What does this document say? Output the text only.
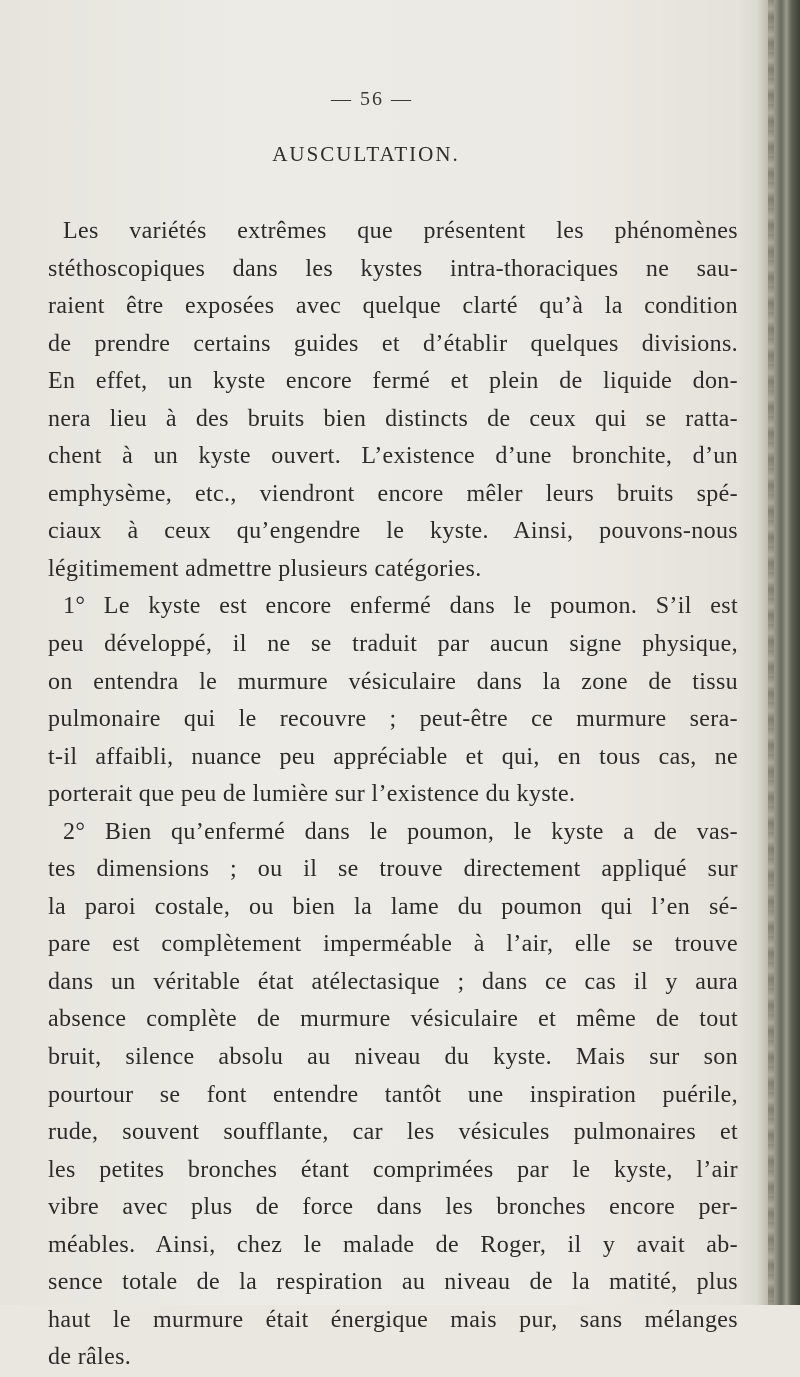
— 56 —
AUSCULTATION.
Les variétés extrêmes que présentent les phénomènes
stéthoscopiques dans les kystes intra-thoraciques ne sau-
raient être exposées avec quelque clarté qu’à la condition
de prendre certains guides et d’établir quelques divisions.
En effet, un kyste encore fermé et plein de liquide don-
nera lieu à des bruits bien distincts de ceux qui se ratta-
chent à un kyste ouvert. L’existence d’une bronchite, d’un
emphysème, etc., viendront encore mêler leurs bruits spé-
ciaux à ceux qu’engendre le kyste. Ainsi, pouvons-nous
légitimement admettre plusieurs catégories.
1° Le kyste est encore enfermé dans le poumon. S’il est
peu développé, il ne se traduit par aucun signe physique,
on entendra le murmure vésiculaire dans la zone de tissu
pulmonaire qui le recouvre ; peut-être ce murmure sera-
t-il affaibli, nuance peu appréciable et qui, en tous cas, ne
porterait que peu de lumière sur l’existence du kyste.
2° Bien qu’enfermé dans le poumon, le kyste a de vas-
tes dimensions ; ou il se trouve directement appliqué sur
la paroi costale, ou bien la lame du poumon qui l’en sé-
pare est complètement imperméable à l’air, elle se trouve
dans un véritable état atélectasique ; dans ce cas il y aura
absence complète de murmure vésiculaire et même de tout
bruit, silence absolu au niveau du kyste. Mais sur son
pourtour se font entendre tantôt une inspiration puérile,
rude, souvent soufflante, car les vésicules pulmonaires et
les petites bronches étant comprimées par le kyste, l’air
vibre avec plus de force dans les bronches encore per-
méables. Ainsi, chez le malade de Roger, il y avait ab-
sence totale de la respiration au niveau de la matité, plus
haut le murmure était énergique mais pur, sans mélanges
de râles.
